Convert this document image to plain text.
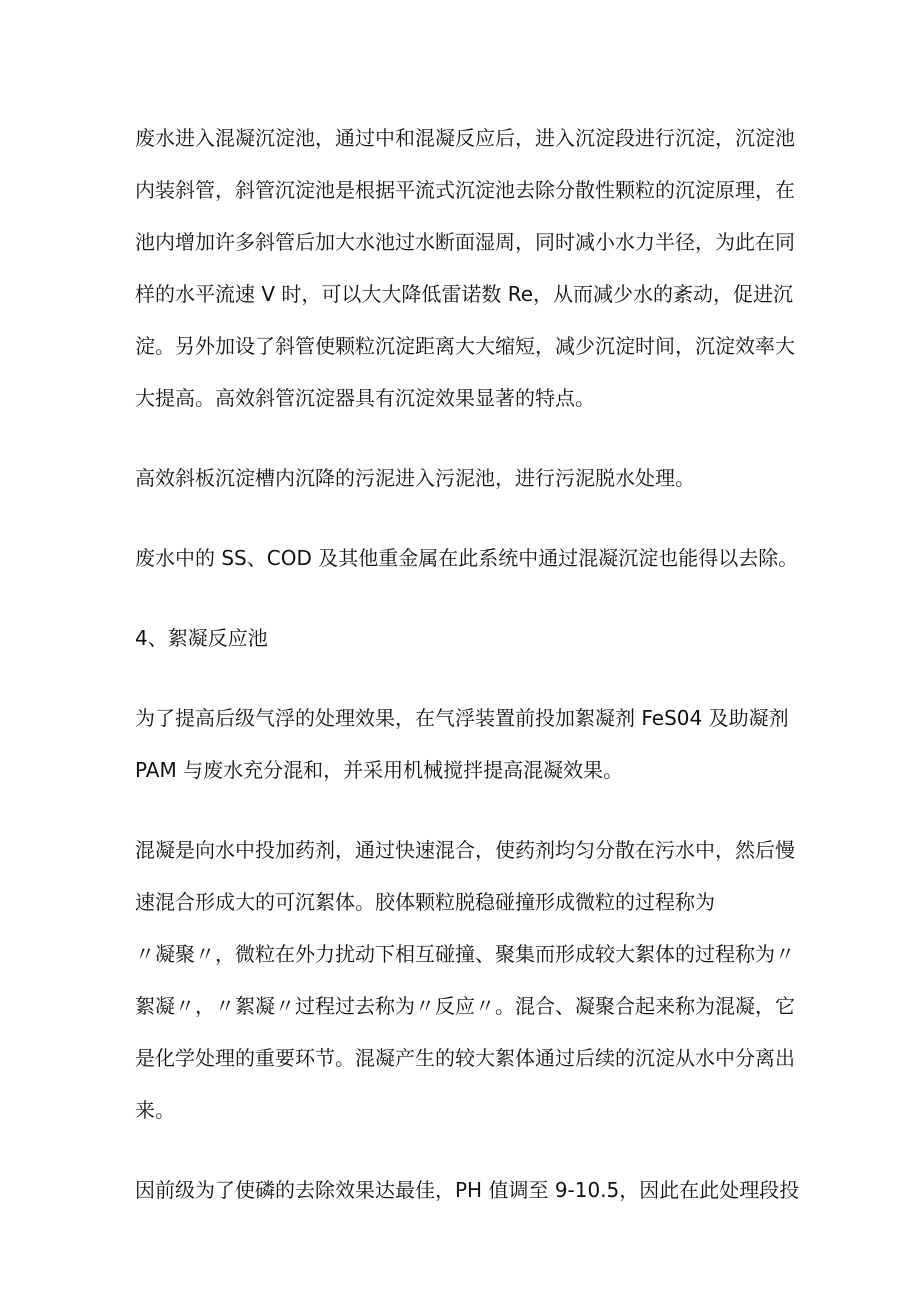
废水进入混凝沉淀池，通过中和混凝反应后，进入沉淀段进行沉淀，沉淀池
内装斜管，斜管沉淀池是根据平流式沉淀池去除分散性颗粒的沉淀原理，在
池内增加许多斜管后加大水池过水断面湿周，同时减小水力半径，为此在同
样的水平流速 V 时，可以大大降低雷诺数 Re，从而减少水的紊动，促进沉
淀。另外加设了斜管使颗粒沉淀距离大大缩短，减少沉淀时间，沉淀效率大
大提高。高效斜管沉淀器具有沉淀效果显著的特点。
高效斜板沉淀槽内沉降的污泥进入污泥池，进行污泥脱水处理。
废水中的 SS、COD 及其他重金属在此系统中通过混凝沉淀也能得以去除。
4、絮凝反应池
为了提高后级气浮的处理效果，在气浮装置前投加絮凝剂 FeS04 及助凝剂
PAM 与废水充分混和，并采用机械搅拌提高混凝效果。
混凝是向水中投加药剂，通过快速混合，使药剂均匀分散在污水中，然后慢
速混合形成大的可沉絮体。胶体颗粒脱稳碰撞形成微粒的过程称为
〃凝聚〃，微粒在外力扰动下相互碰撞、聚集而形成较大絮体的过程称为〃
絮凝〃，〃絮凝〃过程过去称为〃反应〃。混合、凝聚合起来称为混凝，它
是化学处理的重要环节。混凝产生的较大絮体通过后续的沉淀从水中分离出
来。
因前级为了使磷的去除效果达最佳，PH 值调至 9-10.5，因此在此处理段投
